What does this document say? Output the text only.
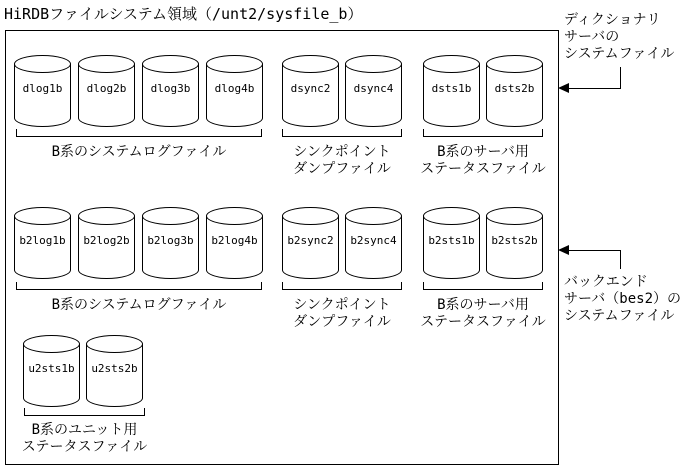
HiRDBファイルシステム領域（/unt2/sysfile_b）
dlog1b	dlog2b	dlog3b	dlog4b	dsync2	dsync4	dsts1b	dsts2b
B系のシステムログファイル	シンクポイント
ダンプファイル
B系のサーバ用
ステータスファイル
b2log1b	b2log2b	b2log3b	b2log4b	b2sync2	b2sync4	b2sts1b	b2sts2b
B系のシステムログファイル	シンクポイント
ダンプファイル
B系のサーバ用
ステータスファイル
u2sts1b	u2sts2b
B系のユニット用
ステータスファイル
ディクショナリ
サーバの
システムファイル
バックエンド
サーバ（bes2）の
システムファイル
